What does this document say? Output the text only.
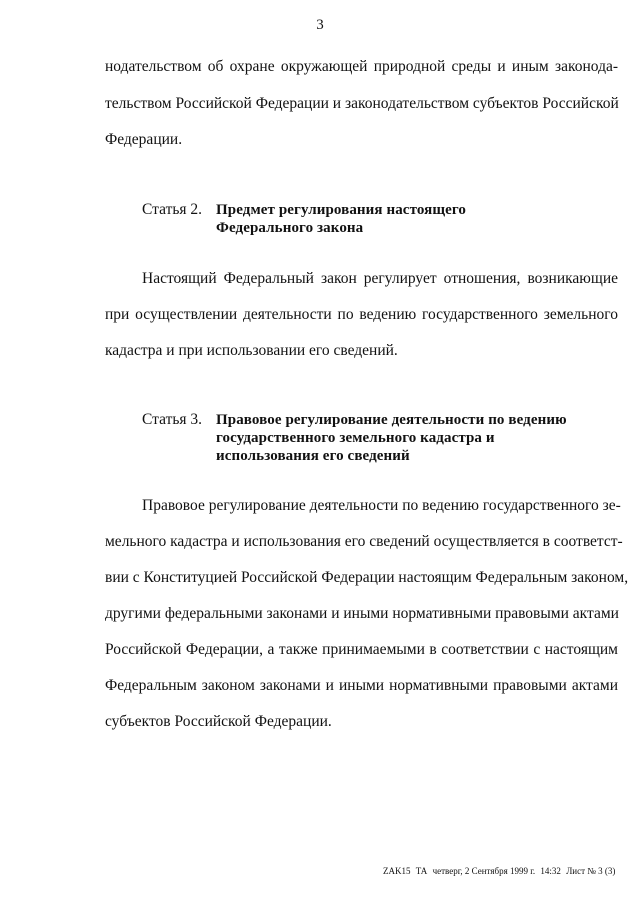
3
нодательством об охране окружающей природной среды и иным законода-
тельством Российской Федерации и законодательством субъектов Российской
Федерации.
Статья 2. Предмет регулирования настоящего
Федерального закона
Настоящий Федеральный закон регулирует отношения, возникающие
при осуществлении деятельности по ведению государственного земельного
кадастра и при использовании его сведений.
Статья 3. Правовое регулирование деятельности по ведению
государственного земельного кадастра и
использования его сведений
Правовое регулирование деятельности по ведению государственного зе-
мельного кадастра и использования его сведений осуществляется в соответст-
вии с Конституцией Российской Федерации настоящим Федеральным законом,
другими федеральными законами и иными нормативными правовыми актами
Российской Федерации, а также принимаемыми в соответствии с настоящим
Федеральным законом законами и иными нормативными правовыми актами
субъектов Российской Федерации.
ZAK15 ТА четверг, 2 Сентября 1999 г. 14:32 Лист № 3 (3)
